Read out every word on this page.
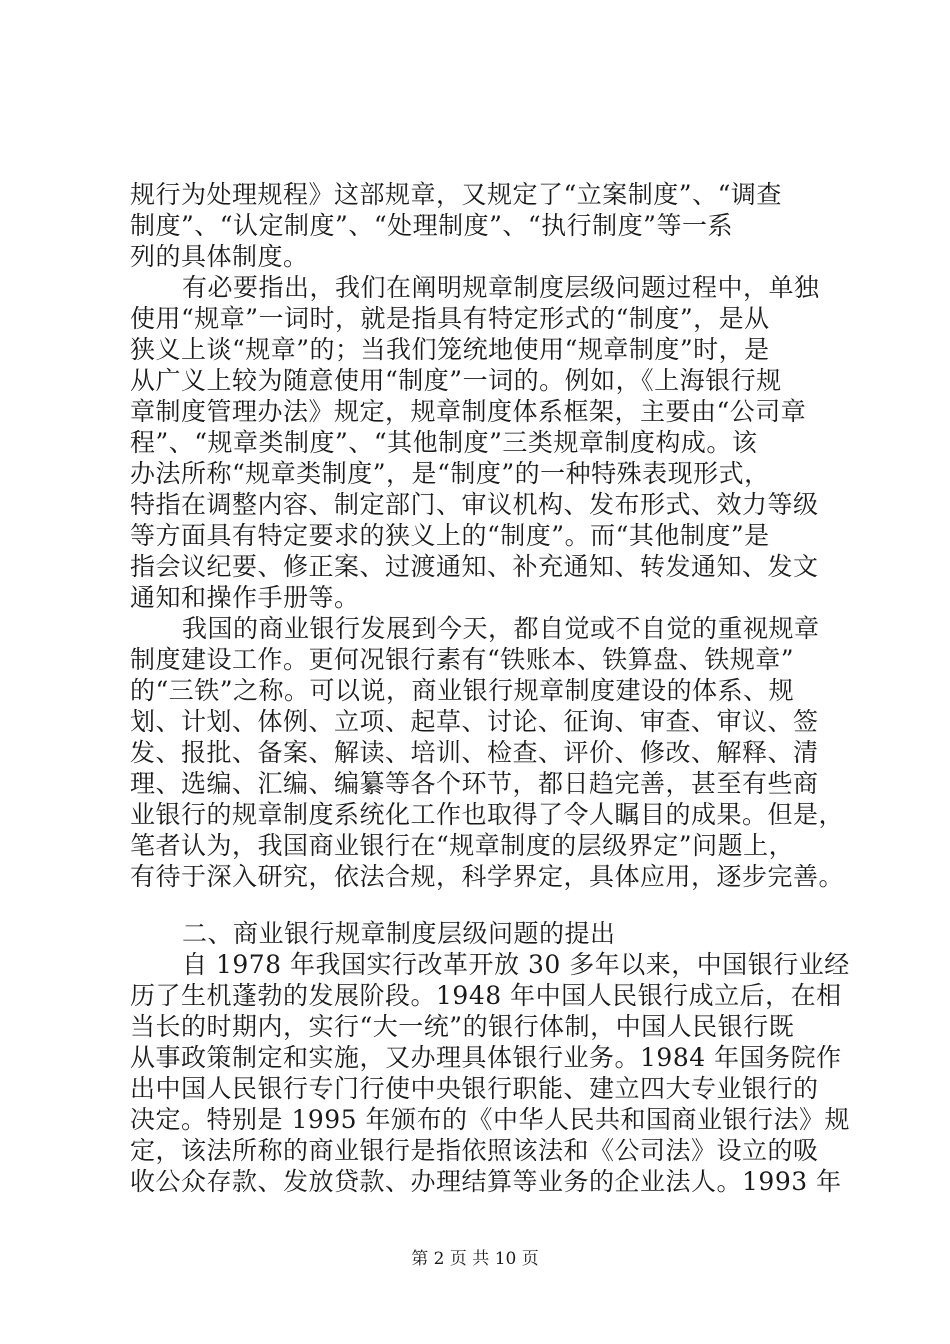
规行为处理规程》这部规章，又规定了“立案制度”、“调查
制度”、“认定制度”、“处理制度”、“执行制度”等一系
列的具体制度。
有必要指出，我们在阐明规章制度层级问题过程中，单独
使用“规章”一词时，就是指具有特定形式的“制度”，是从
狭义上谈“规章”的；当我们笼统地使用“规章制度”时，是
从广义上较为随意使用“制度”一词的。例如，《上海银行规
章制度管理办法》规定，规章制度体系框架，主要由“公司章
程”、“规章类制度”、“其他制度”三类规章制度构成。该
办法所称“规章类制度”，是“制度”的一种特殊表现形式，
特指在调整内容、制定部门、审议机构、发布形式、效力等级
等方面具有特定要求的狭义上的“制度”。而“其他制度”是
指会议纪要、修正案、过渡通知、补充通知、转发通知、发文
通知和操作手册等。
我国的商业银行发展到今天，都自觉或不自觉的重视规章
制度建设工作。更何况银行素有“铁账本、铁算盘、铁规章”
的“三铁”之称。可以说，商业银行规章制度建设的体系、规
划、计划、体例、立项、起草、讨论、征询、审查、审议、签
发、报批、备案、解读、培训、检查、评价、修改、解释、清
理、选编、汇编、编纂等各个环节，都日趋完善，甚至有些商
业银行的规章制度系统化工作也取得了令人瞩目的成果。但是，
笔者认为，我国商业银行在“规章制度的层级界定”问题上，
有待于深入研究，依法合规，科学界定，具体应用，逐步完善。
二、商业银行规章制度层级问题的提出
自 1978 年我国实行改革开放 30 多年以来，中国银行业经
历了生机蓬勃的发展阶段。1948 年中国人民银行成立后，在相
当长的时期内，实行“大一统”的银行体制，中国人民银行既
从事政策制定和实施，又办理具体银行业务。1984 年国务院作
出中国人民银行专门行使中央银行职能、建立四大专业银行的
决定。特别是 1995 年颁布的《中华人民共和国商业银行法》规
定，该法所称的商业银行是指依照该法和《公司法》设立的吸
收公众存款、发放贷款、办理结算等业务的企业法人。1993 年
第 2 页 共 10 页
